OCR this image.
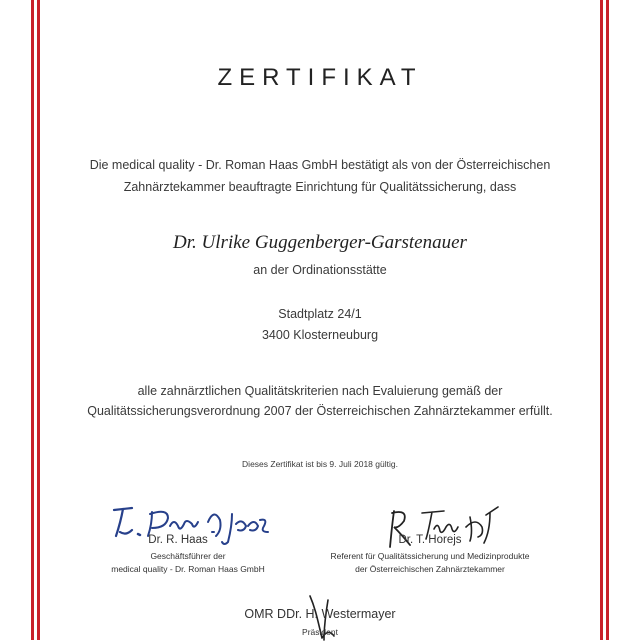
ZERTIFIKAT
Die medical quality - Dr. Roman Haas GmbH bestätigt als von der Österreichischen
Zahnärztekammer beauftragte Einrichtung für Qualitätssicherung, dass
Dr. Ulrike Guggenberger-Garstenauer
an der Ordinationsstätte
Stadtplatz 24/1
3400 Klosterneuburg
alle zahnärztlichen Qualitätskriterien nach Evaluierung gemäß der
Qualitätssicherungsverordnung 2007 der Österreichischen Zahnärztekammer erfüllt.
Dieses Zertifikat ist bis 9. Juli 2018 gültig.
Dr. R. Haas
Geschäftsführer der
medical quality - Dr. Roman Haas GmbH
Dr. T. Horejs
Referent für Qualitätssicherung und Medizinprodukte
der Österreichischen Zahnärztekammer
OMR DDr. H. Westermayer
Präsident
